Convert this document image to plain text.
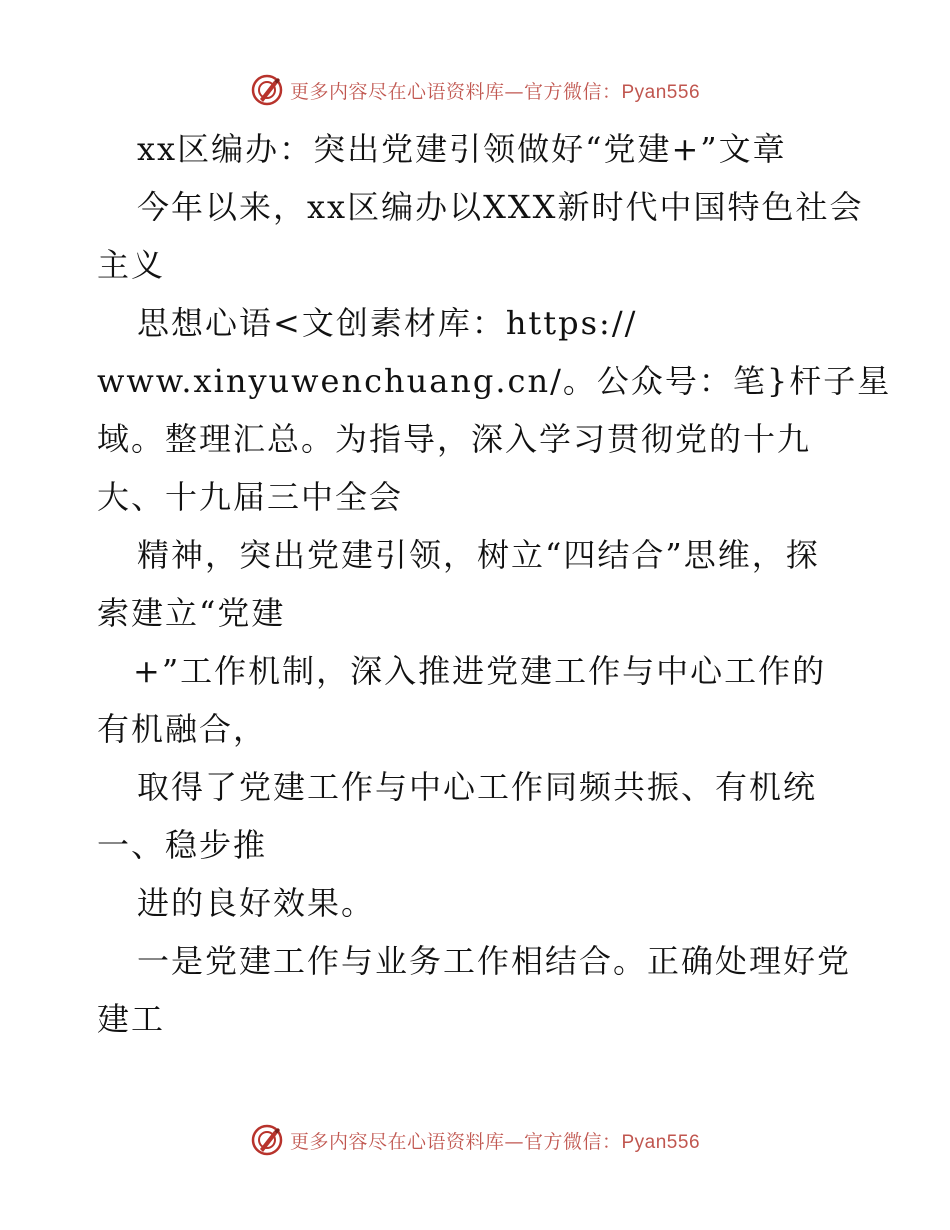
更多内容尽在心语资料库—官方微信：Pyan556
xx区编办：突出党建引领做好“党建+”文章
今年以来，xx区编办以XXX新时代中国特色社会
主义
思想心语<文创素材库：https://
www.xinyuwenchuang.cn/。公众号：笔}杆子星
域。整理汇总。为指导，深入学习贯彻党的十九
大、十九届三中全会
精神，突出党建引领，树立“四结合”思维，探
索建立“党建
+”工作机制，深入推进党建工作与中心工作的
有机融合，
取得了党建工作与中心工作同频共振、有机统
一、稳步推
进的良好效果。
一是党建工作与业务工作相结合。正确处理好党
建工
更多内容尽在心语资料库—官方微信：Pyan556
